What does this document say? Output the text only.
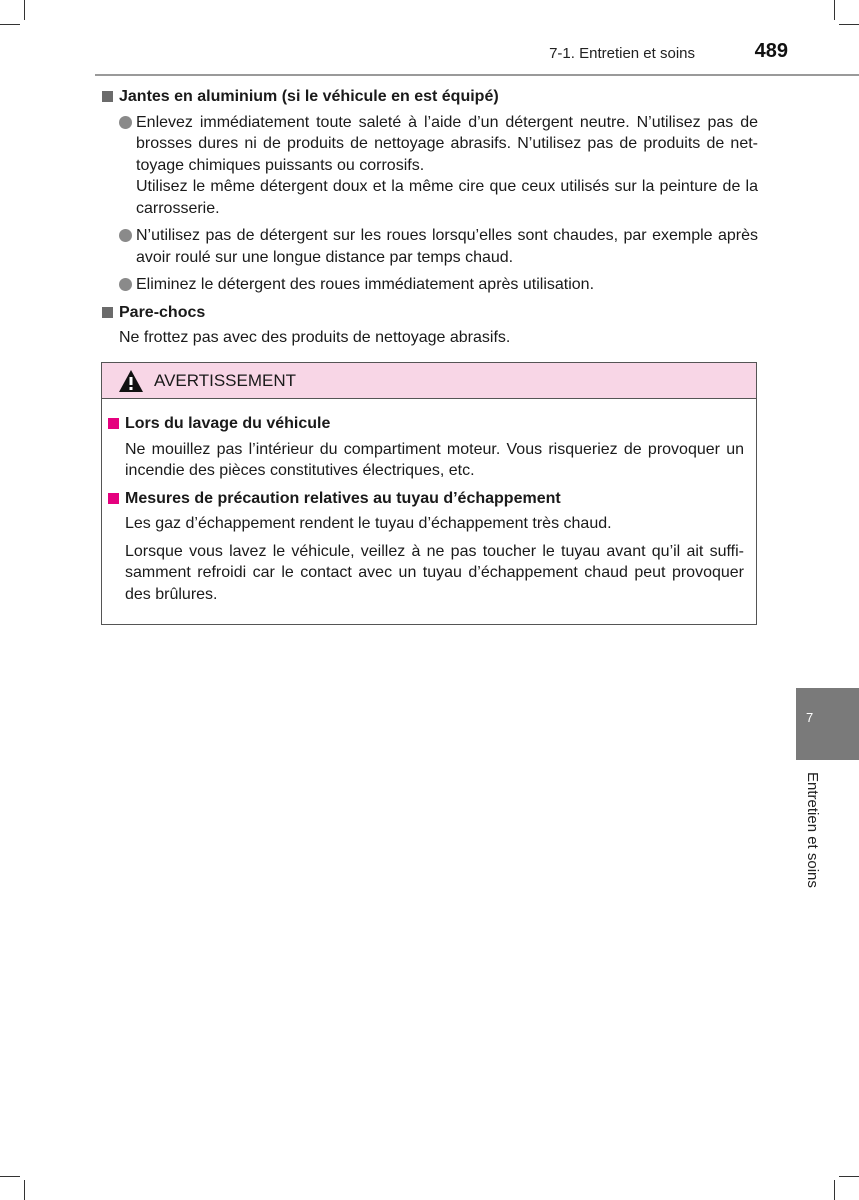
7-1. Entretien et soins	489
Jantes en aluminium (si le véhicule en est équipé)

Enlevez immédiatement toute saleté à l’aide d’un détergent neutre. N’utilisez pas de brosses dures ni de produits de nettoyage abrasifs. N’utilisez pas de produits de net-toyage chimiques puissants ou corrosifs.

Utilisez le même détergent doux et la même cire que ceux utilisés sur la peinture de la carrosserie.

N’utilisez pas de détergent sur les roues lorsqu’elles sont chaudes, par exemple après avoir roulé sur une longue distance par temps chaud.

Eliminez le détergent des roues immédiatement après utilisation.

Pare-chocs
Ne frottez pas avec des produits de nettoyage abrasifs.
AVERTISSEMENT
Lors du lavage du véhicule

Ne mouillez pas l’intérieur du compartiment moteur. Vous risqueriez de provoquer un incendie des pièces constitutives électriques, etc.

Mesures de précaution relatives au tuyau d’échappement

Les gaz d’échappement rendent le tuyau d’échappement très chaud.

Lorsque vous lavez le véhicule, veillez à ne pas toucher le tuyau avant qu’il ait suffi-samment refroidi car le contact avec un tuyau d’échappement chaud peut provoquer des brûlures.

7
Entretien et soins
